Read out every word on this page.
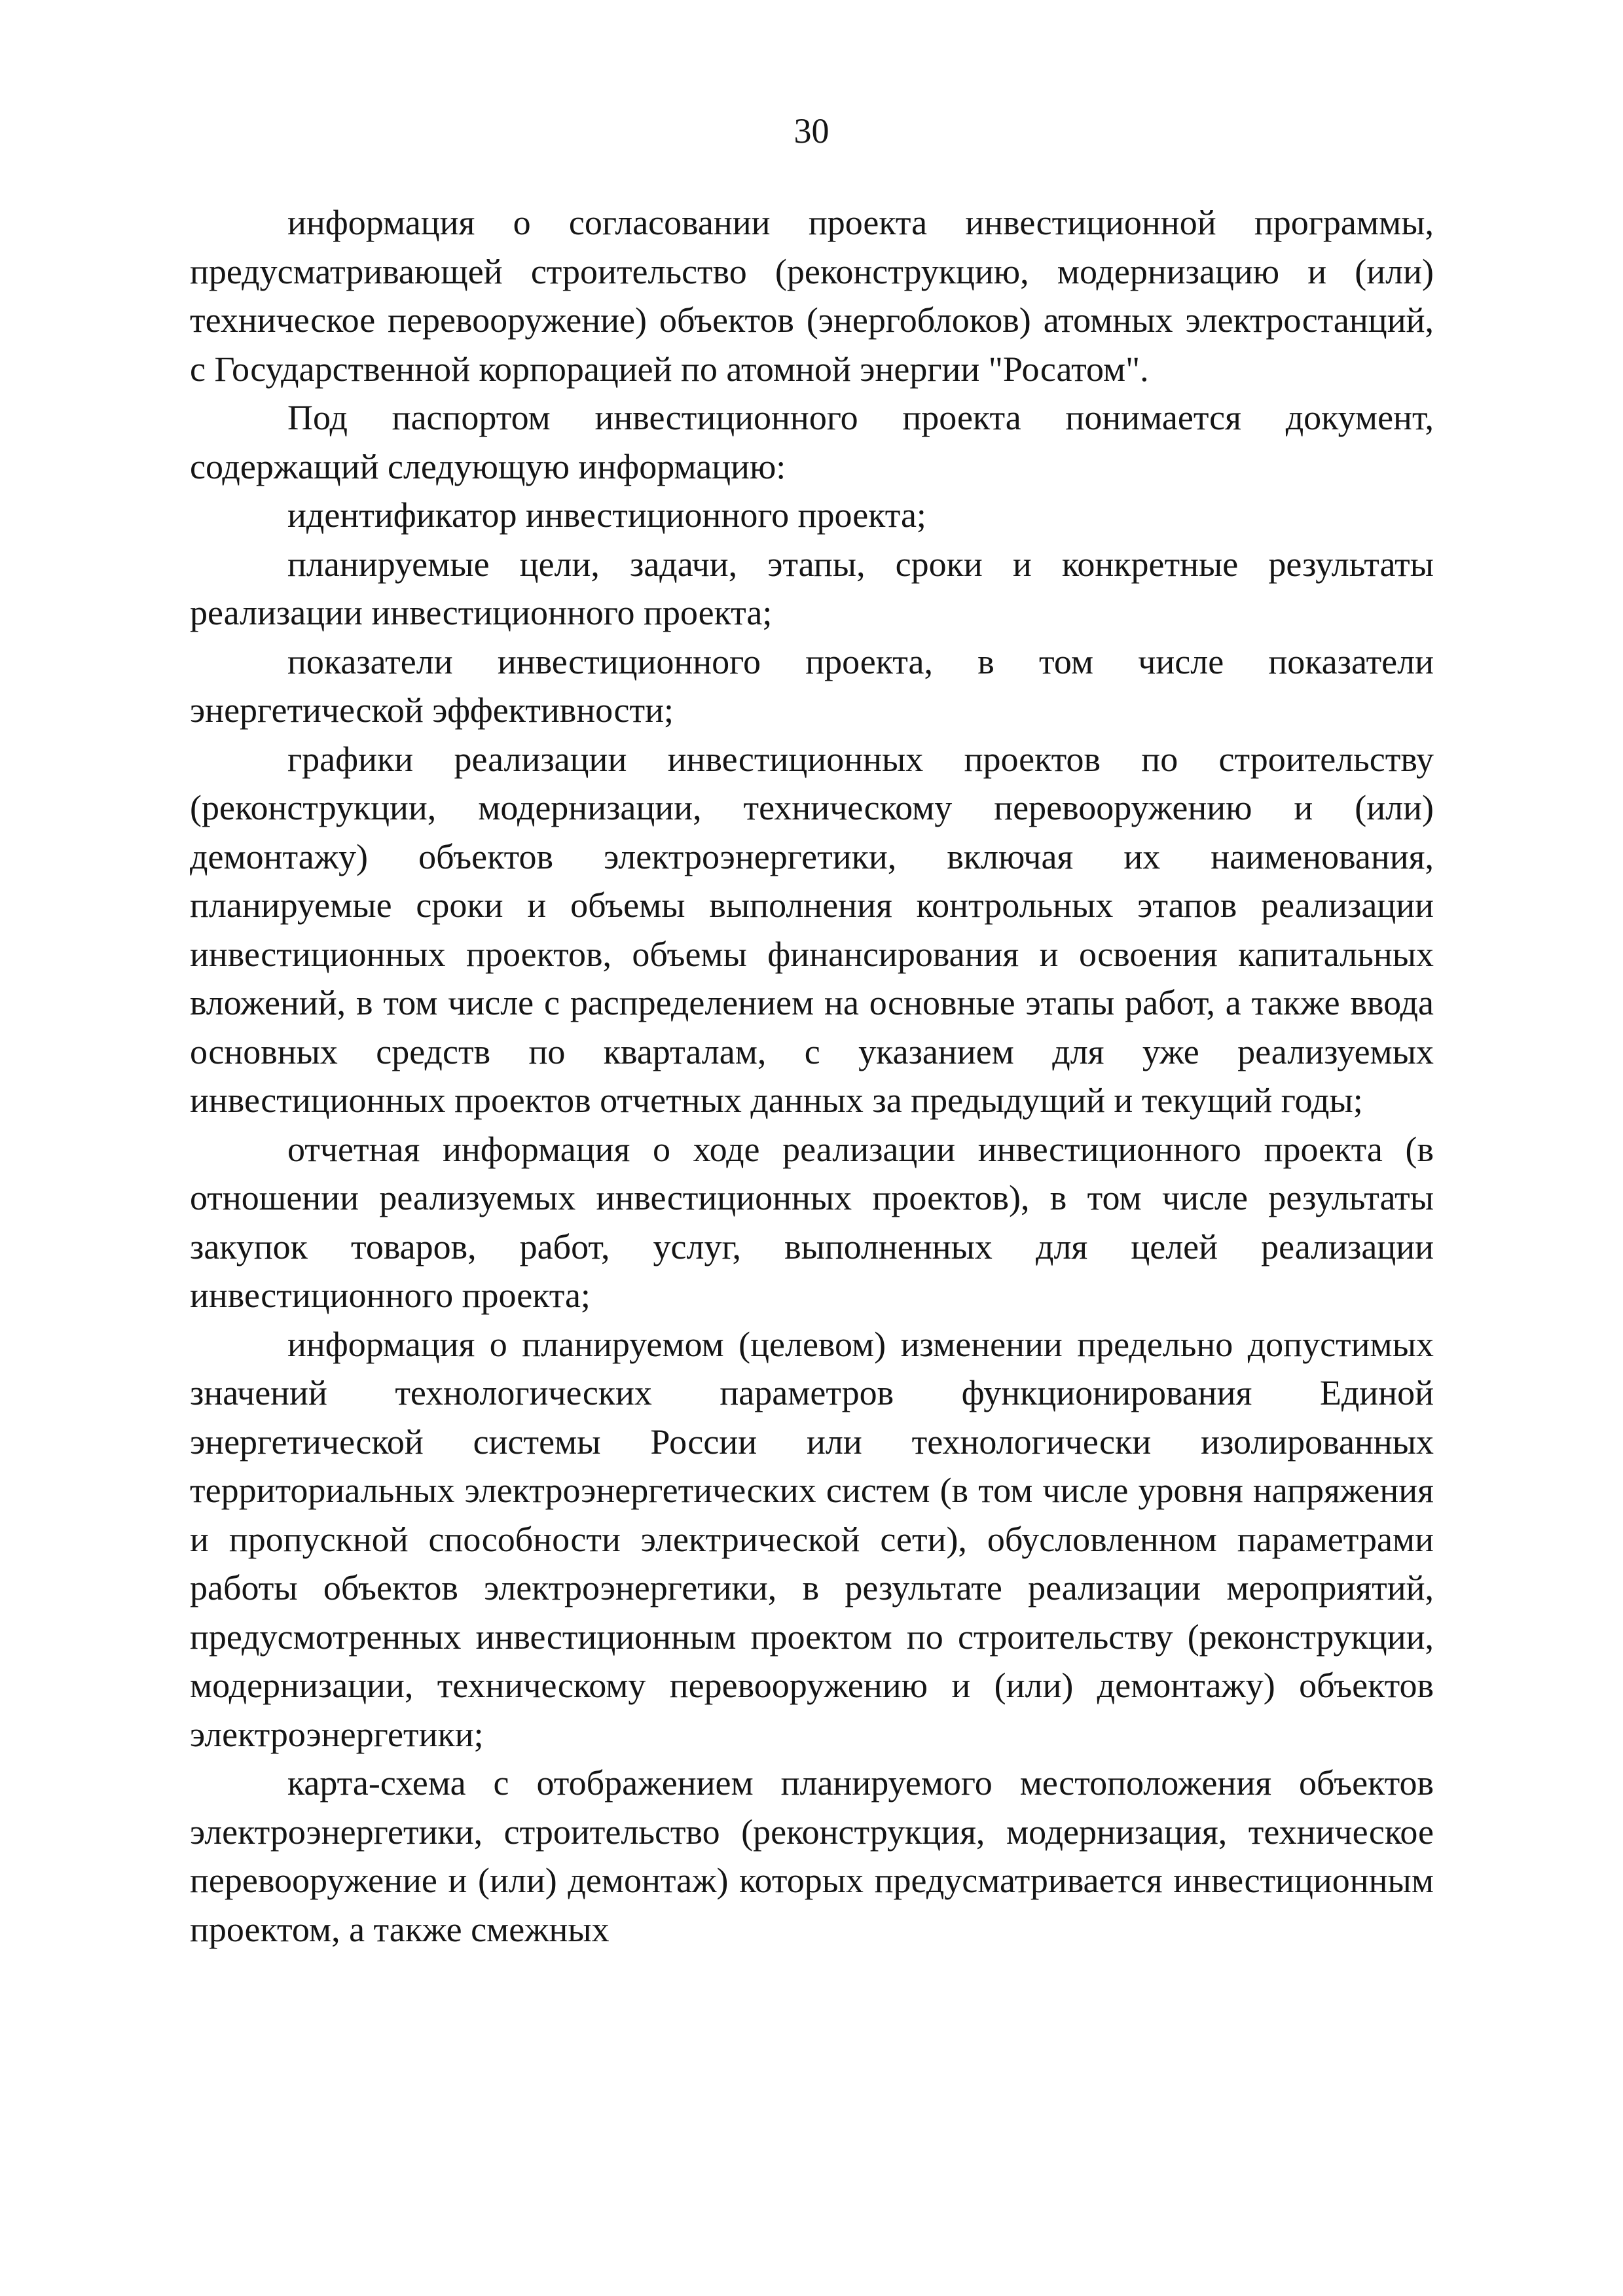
30

информация о согласовании проекта инвестиционной программы, предусматривающей строительство (реконструкцию, модернизацию и (или) техническое перевооружение) объектов (энергоблоков) атомных электростанций, с Государственной корпорацией по атомной энергии "Росатом".

Под паспортом инвестиционного проекта понимается документ, содержащий следующую информацию:

идентификатор инвестиционного проекта;

планируемые цели, задачи, этапы, сроки и конкретные результаты реализации инвестиционного проекта;

показатели инвестиционного проекта, в том числе показатели энергетической эффективности;

графики реализации инвестиционных проектов по строительству (реконструкции, модернизации, техническому перевооружению и (или) демонтажу) объектов электроэнергетики, включая их наименования, планируемые сроки и объемы выполнения контрольных этапов реализации инвестиционных проектов, объемы финансирования и освоения капитальных вложений, в том числе с распределением на основные этапы работ, а также ввода основных средств по кварталам, с указанием для уже реализуемых инвестиционных проектов отчетных данных за предыдущий и текущий годы;

отчетная информация о ходе реализации инвестиционного проекта (в отношении реализуемых инвестиционных проектов), в том числе результаты закупок товаров, работ, услуг, выполненных для целей реализации инвестиционного проекта;

информация о планируемом (целевом) изменении предельно допустимых значений технологических параметров функционирования Единой энергетической системы России или технологически изолированных территориальных электроэнергетических систем (в том числе уровня напряжения и пропускной способности электрической сети), обусловленном параметрами работы объектов электроэнергетики, в результате реализации мероприятий, предусмотренных инвестиционным проектом по строительству (реконструкции, модернизации, техническому перевооружению и (или) демонтажу) объектов электроэнергетики;

карта-схема с отображением планируемого местоположения объектов электроэнергетики, строительство (реконструкция, модернизация, техническое перевооружение и (или) демонтаж) которых предусматривается инвестиционным проектом, а также смежных
